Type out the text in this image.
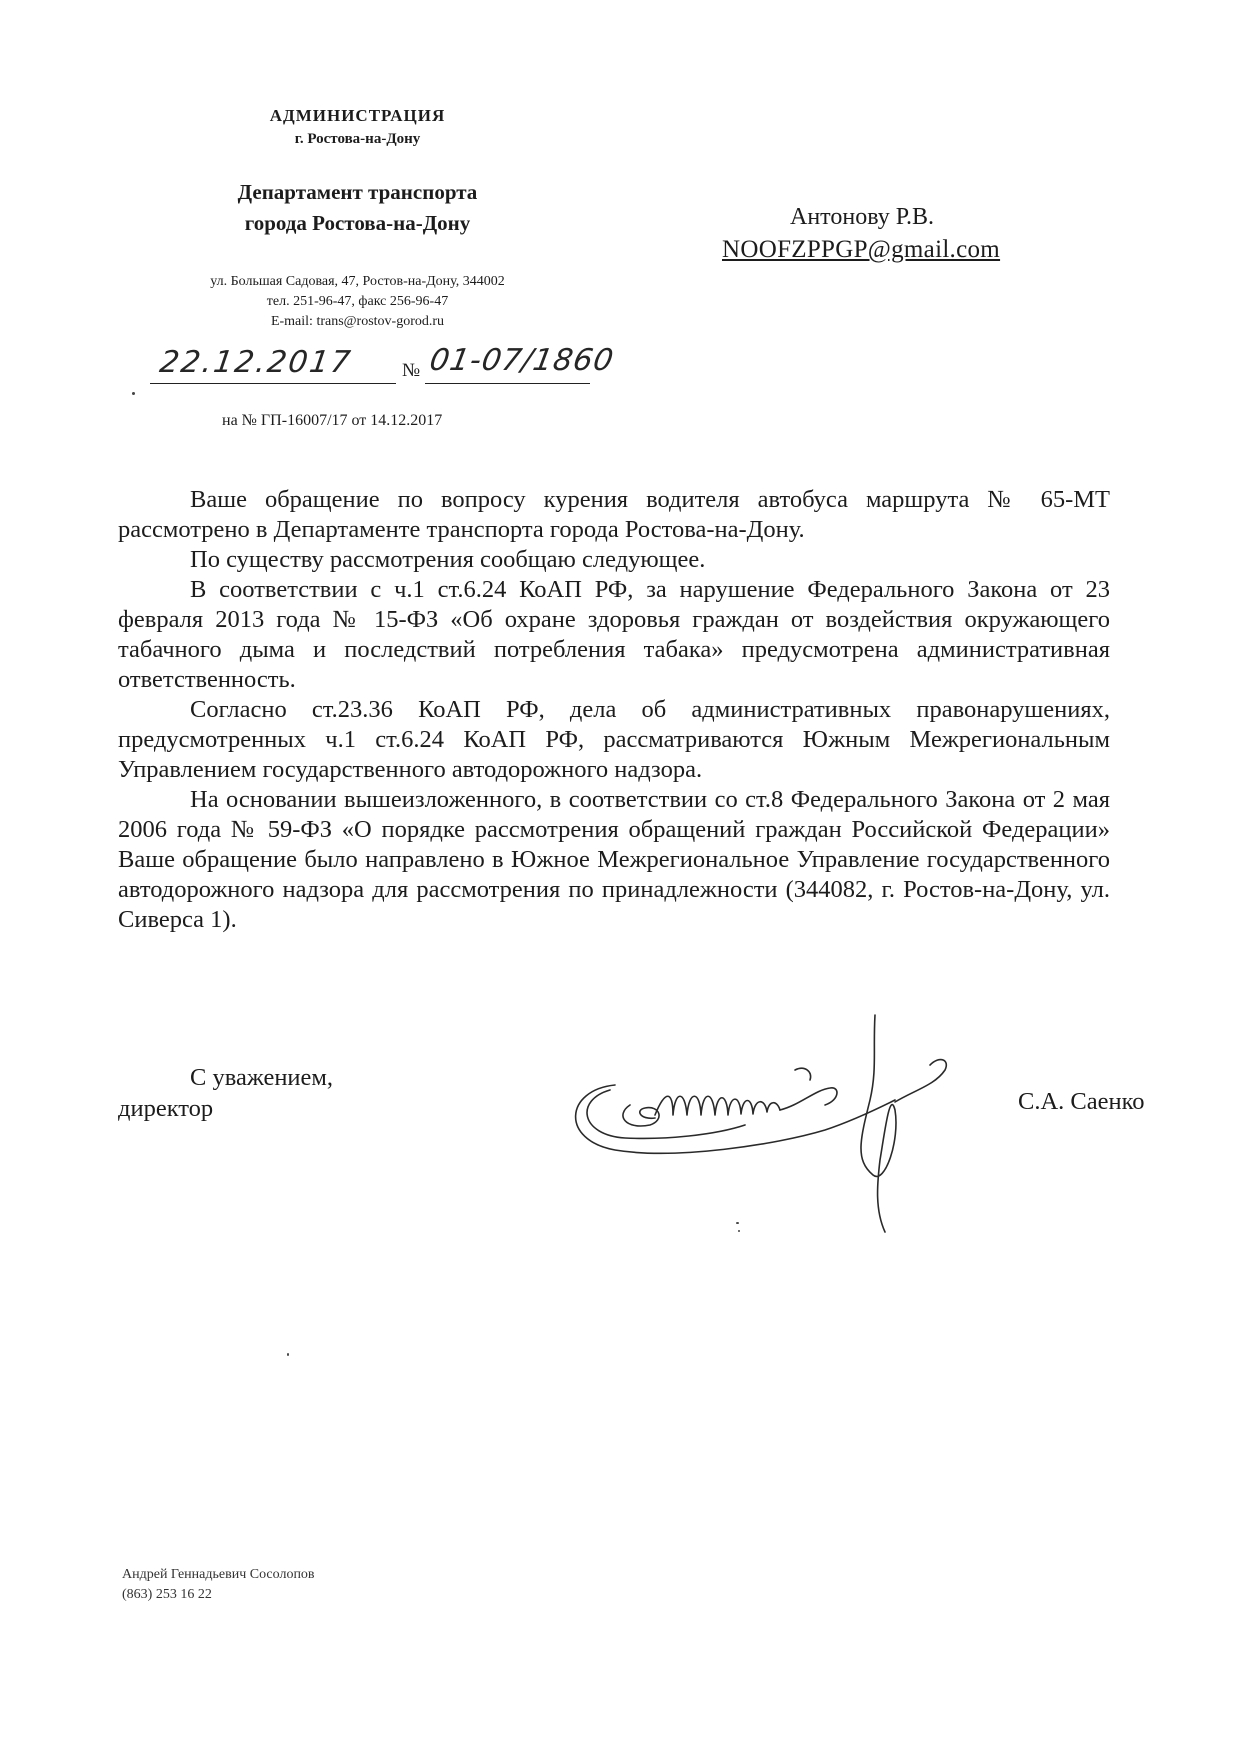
АДМИНИСТРАЦИЯ
г. Ростова-на-Дону
Департамент транспорта
города Ростова-на-Дону
ул. Большая Садовая, 47, Ростов-на-Дону, 344002
тел. 251-96-47, факс 256-96-47
E-mail: trans@rostov-gorod.ru
22.12.2017	№ 01-07/1860
на № ГП-16007/17 от 14.12.2017
Антонову Р.В.
NOOFZPPGP@gmail.com

Ваше обращение по вопросу курения водителя автобуса маршрута № 65-МТ рассмотрено в Департаменте транспорта города Ростова-на-Дону.

По существу рассмотрения сообщаю следующее.

В соответствии с ч.1 ст.6.24 КоАП РФ, за нарушение Федерального Закона от 23 февраля 2013 года № 15-ФЗ «Об охране здоровья граждан от воздействия окружающего табачного дыма и последствий потребления табака» предусмотрена административная ответственность.

Согласно ст.23.36 КоАП РФ, дела об административных правонарушениях, предусмотренных ч.1 ст.6.24 КоАП РФ, рассматриваются Южным Межрегиональным Управлением государственного автодорожного надзора.

На основании вышеизложенного, в соответствии со ст.8 Федерального Закона от 2 мая 2006 года № 59-ФЗ «О порядке рассмотрения обращений граждан Российской Федерации» Ваше обращение было направлено в Южное Межрегиональное Управление государственного автодорожного надзора для рассмотрения по принадлежности (344082, г. Ростов-на-Дону, ул. Сиверса 1).

С уважением,
директор	С.А. Саенко
Андрей Геннадьевич Сосолопов
(863) 253 16 22
